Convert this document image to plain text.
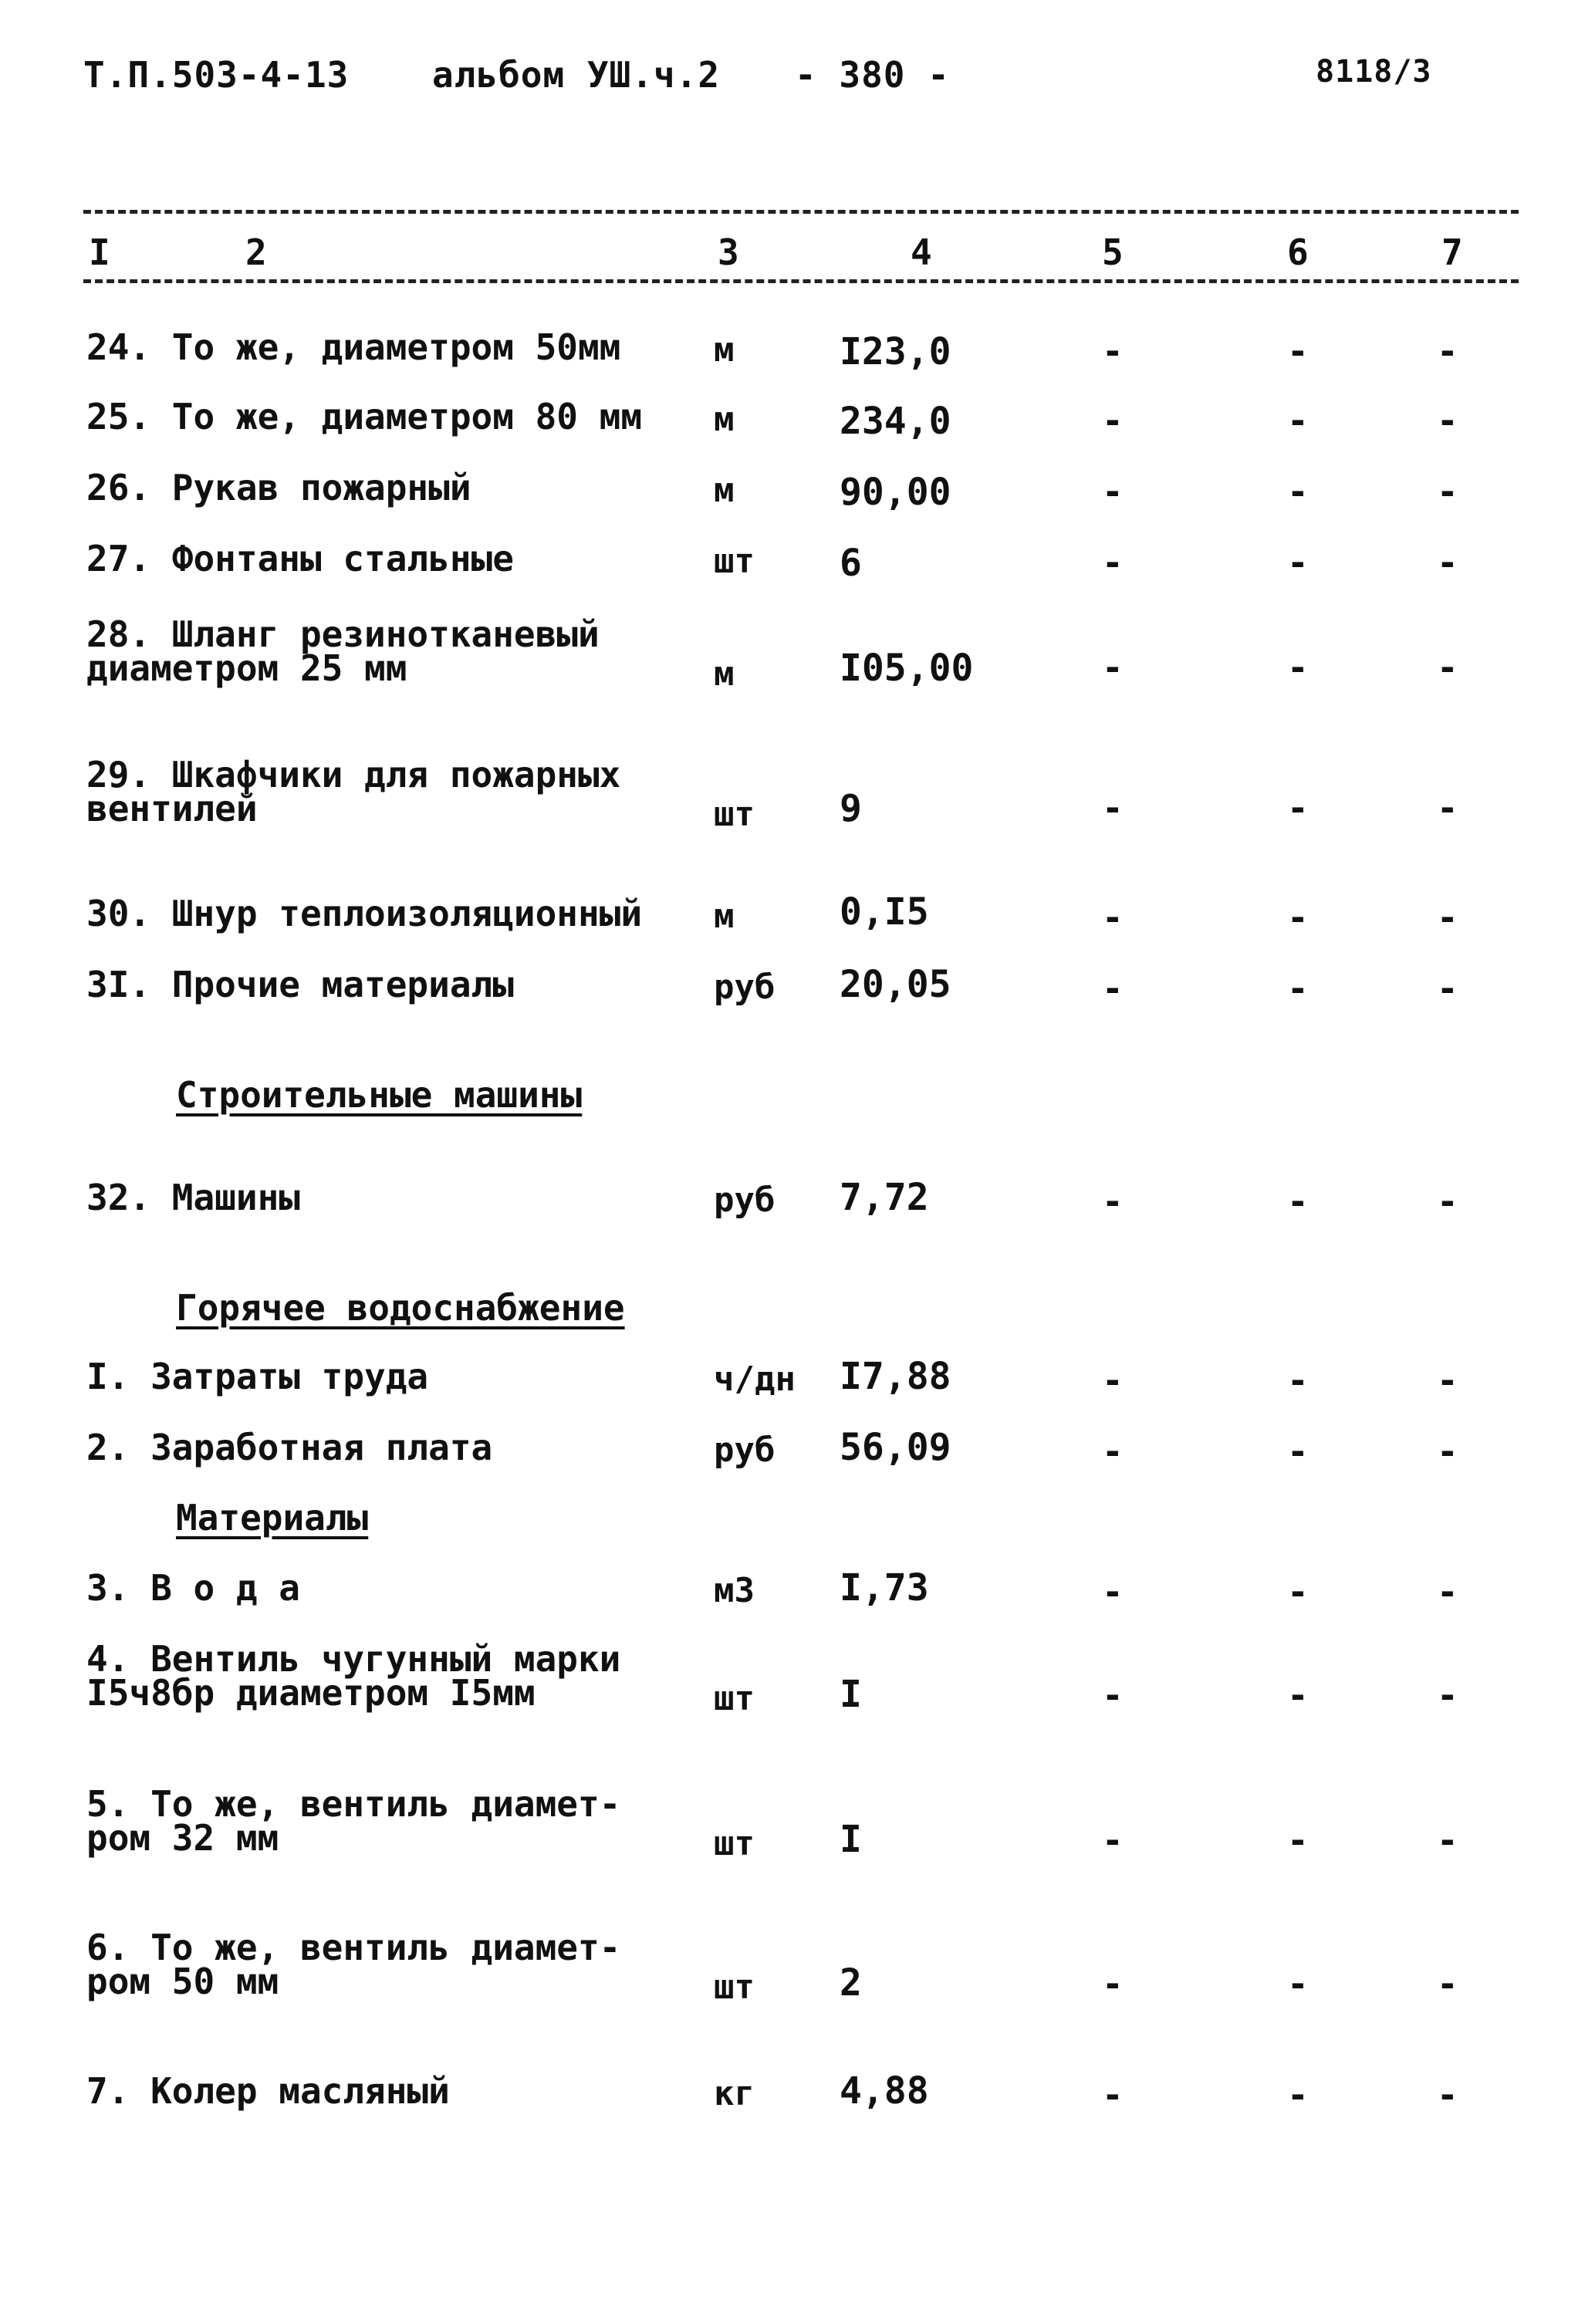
Т.П.503-4-13 альбом УШ.ч.2 - 380 -	8118/3
I	2	3	4	5	6	7
24. То же, диаметром 50мм	м	I23,0	-	-	-
25. То же, диаметром 80 мм	м	234,0	-	-	-
26. Рукав пожарный	м	90,00	-	-	-
27. Фонтаны стальные	шт 6	-	-	-
28. Шланг резинотканевый
диаметром 25 мм	м	I05,00	-	-	-
29. Шкафчики для пожарных
вентилей	шт 9	-	-	-
30. Шнур теплоизоляционный	м	0,I5	-	-	-
3I. Прочие материалы	руб 20,05	-	-	-
Строительные машины
32. Машины	руб 7,72	-	-	-
Горячее водоснабжение
I. Затраты труда	ч/дн I7,88	-	-	-
2. Заработная плата	руб 56,09	-	-	-
Материалы
3. В о д а	м3 I,73	-	-	-
4. Вентиль чугунный марки
I5ч8бр диаметром I5мм	шт I	-	-	-
5. То же, вентиль диамет-
ром 32 мм	шт I	-	-	-
6. То же, вентиль диамет-
ром 50 мм	шт 2	-	-	-
7. Колер масляный	кг 4,88	-	-	-
